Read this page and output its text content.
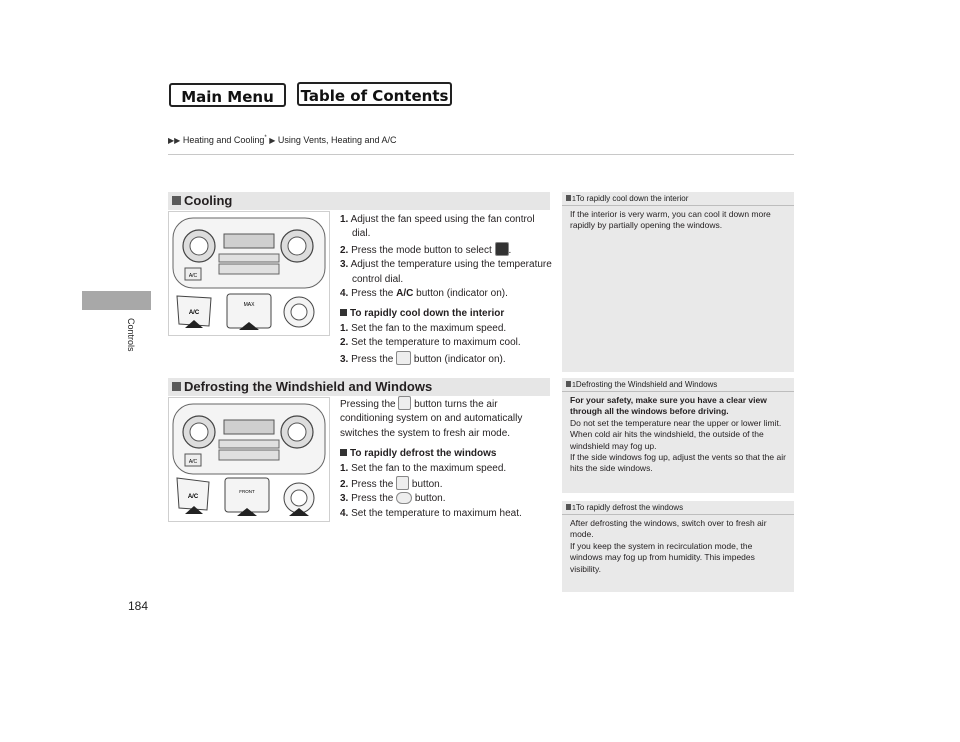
Main Menu	Table of Contents
▶▶ Heating and Cooling* ▶ Using Vents, Heating and A/C
Controls
Cooling
A/C
A/C
MAX

1. Adjust the fan speed using the fan control dial.

2. Press the mode button to select .

3. Adjust the temperature using the temperature control dial.

4. Press the A/C button (indicator on).

To rapidly cool down the interior

1. Set the fan to the maximum speed.

2. Set the temperature to maximum cool.

3. Press the  button (indicator on).

Defrosting the Windshield and Windows
A/C
A/C
FRONT

Pressing the  button turns the air conditioning system on and automatically switches the system to fresh air mode.

To rapidly defrost the windows

1. Set the fan to the maximum speed.

2. Press the  button.

3. Press the  button.

4. Set the temperature to maximum heat.

1To rapidly cool down the interior

If the interior is very warm, you can cool it down more rapidly by partially opening the windows.

1Defrosting the Windshield and Windows

For your safety, make sure you have a clear view through all the windows before driving.

Do not set the temperature near the upper or lower limit.

When cold air hits the windshield, the outside of the windshield may fog up.

If the side windows fog up, adjust the vents so that the air hits the side windows.

1To rapidly defrost the windows

After defrosting the windows, switch over to fresh air mode.

If you keep the system in recirculation mode, the windows may fog up from humidity. This impedes visibility.

184
